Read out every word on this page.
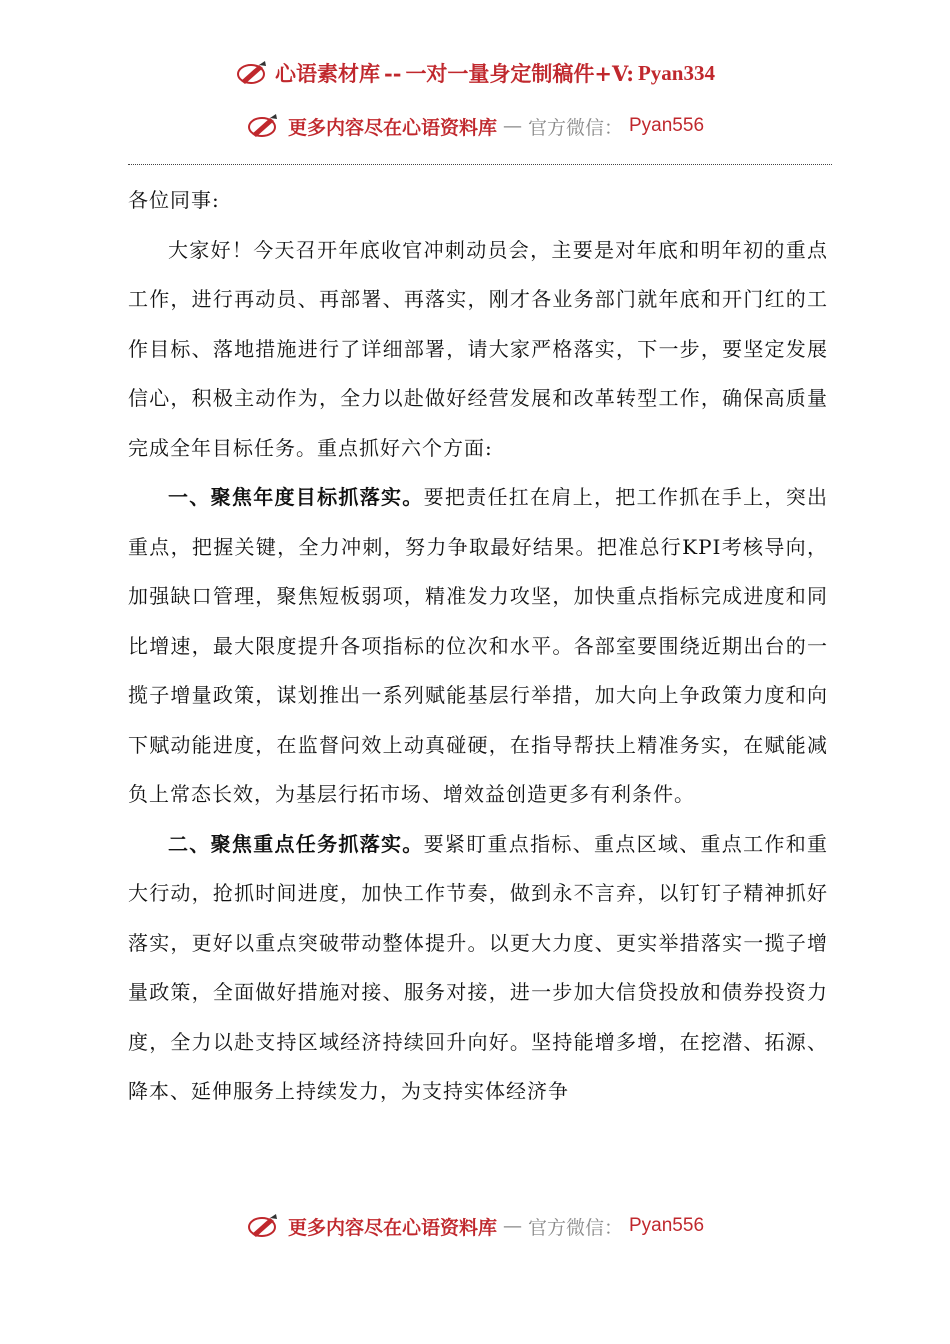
心语素材库 -- 一对一量身定制稿件+V: Pyan334
更多内容尽在心语资料库 — 官方微信： Pyan556

各位同事:

大家好！今天召开年底收官冲刺动员会，主要是对年底和明年初的重点工作，进行再动员、再部署、再落实，刚才各业务部门就年底和开门红的工作目标、落地措施进行了详细部署，请大家严格落实，下一步，要坚定发展信心，积极主动作为，全力以赴做好经营发展和改革转型工作，确保高质量完成全年目标任务。重点抓好六个方面:

一、聚焦年度目标抓落实。要把责任扛在肩上，把工作抓在手上，突出重点，把握关键，全力冲刺，努力争取最好结果。把准总行KPI考核导向，加强缺口管理，聚焦短板弱项，精准发力攻坚，加快重点指标完成进度和同比增速，最大限度提升各项指标的位次和水平。各部室要围绕近期出台的一揽子增量政策，谋划推出一系列赋能基层行举措，加大向上争政策力度和向下赋动能进度，在监督问效上动真碰硬，在指导帮扶上精准务实，在赋能减负上常态长效，为基层行拓市场、增效益创造更多有利条件。

二、聚焦重点任务抓落实。要紧盯重点指标、重点区域、重点工作和重大行动，抢抓时间进度，加快工作节奏，做到永不言弃，以钉钉子精神抓好落实，更好以重点突破带动整体提升。以更大力度、更实举措落实一揽子增量政策，全面做好措施对接、服务对接，进一步加大信贷投放和债券投资力度，全力以赴支持区域经济持续回升向好。坚持能增多增，在挖潜、拓源、降本、延伸服务上持续发力，为支持实体经济争

更多内容尽在心语资料库 — 官方微信： Pyan556
